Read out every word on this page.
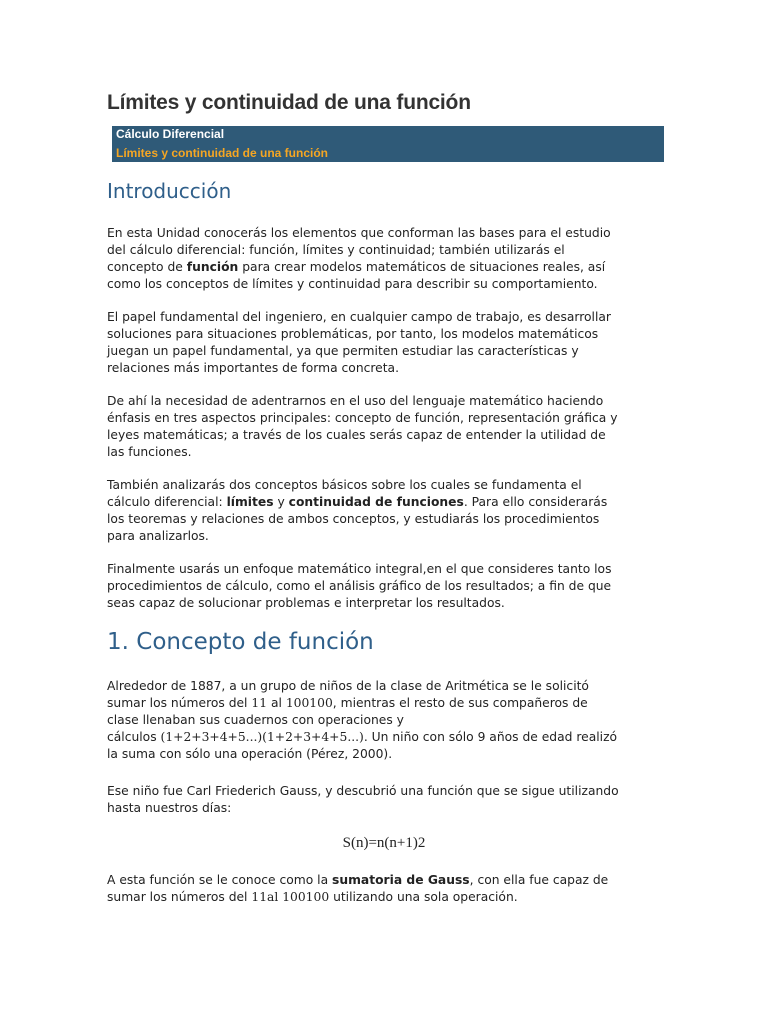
Límites y continuidad de una función
Cálculo Diferencial
Límites y continuidad de una función
Introducción

En esta Unidad conocerás los elementos que conforman las bases para el estudio
del cálculo diferencial: función, límites y continuidad; también utilizarás el
concepto de función para crear modelos matemáticos de situaciones reales, así
como los conceptos de límites y continuidad para describir su comportamiento.

El papel fundamental del ingeniero, en cualquier campo de trabajo, es desarrollar
soluciones para situaciones problemáticas, por tanto, los modelos matemáticos
juegan un papel fundamental, ya que permiten estudiar las características y
relaciones más importantes de forma concreta.

De ahí la necesidad de adentrarnos en el uso del lenguaje matemático haciendo
énfasis en tres aspectos principales: concepto de función, representación gráfica y
leyes matemáticas; a través de los cuales serás capaz de entender la utilidad de
las funciones.

También analizarás dos conceptos básicos sobre los cuales se fundamenta el
cálculo diferencial: límites y continuidad de funciones. Para ello considerarás
los teoremas y relaciones de ambos conceptos, y estudiarás los procedimientos
para analizarlos.

Finalmente usarás un enfoque matemático integral,en el que consideres tanto los
procedimientos de cálculo, como el análisis gráfico de los resultados; a fin de que
seas capaz de solucionar problemas e interpretar los resultados.

1. Concepto de función

Alrededor de 1887, a un grupo de niños de la clase de Aritmética se le solicitó
sumar los números del 11 al 100100, mientras el resto de sus compañeros de
clase llenaban sus cuadernos con operaciones y
cálculos (1+2+3+4+5...)(1+2+3+4+5...). Un niño con sólo 9 años de edad realizó
la suma con sólo una operación (Pérez, 2000).

Ese niño fue Carl Friederich Gauss, y descubrió una función que se sigue utilizando
hasta nuestros días:

S(n)=n(n+1)2

A esta función se le conoce como la sumatoria de Gauss, con ella fue capaz de
sumar los números del 11al 100100 utilizando una sola operación.
